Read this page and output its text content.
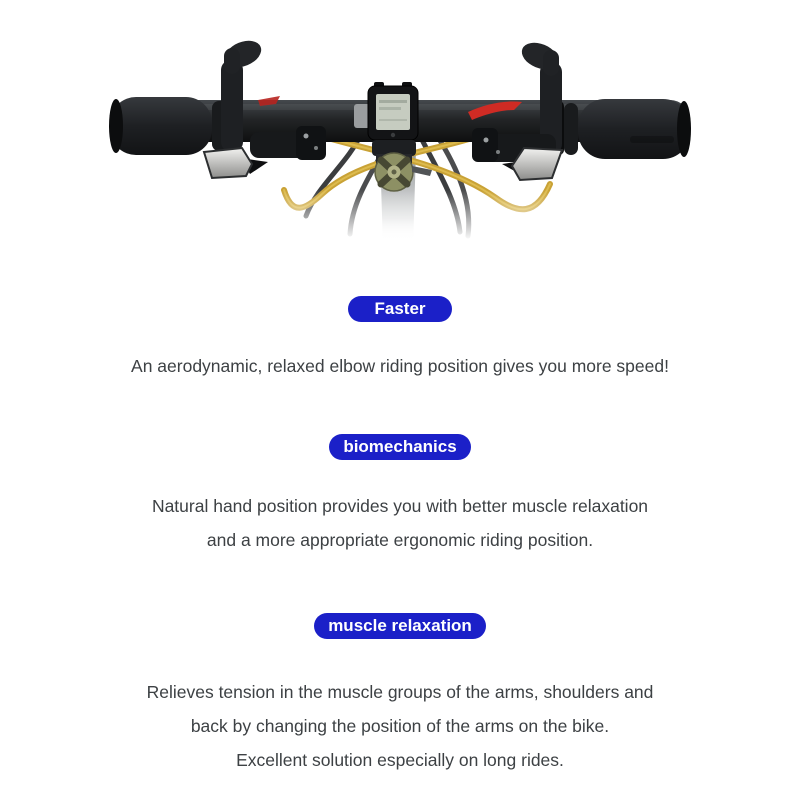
Faster

An aerodynamic, relaxed elbow riding position gives you more speed!

biomechanics

Natural hand position provides you with better muscle relaxation

and a more appropriate ergonomic riding position.

muscle relaxation

Relieves tension in the muscle groups of the arms, shoulders and

back by changing the position of the arms on the bike.

Excellent solution especially on long rides.
